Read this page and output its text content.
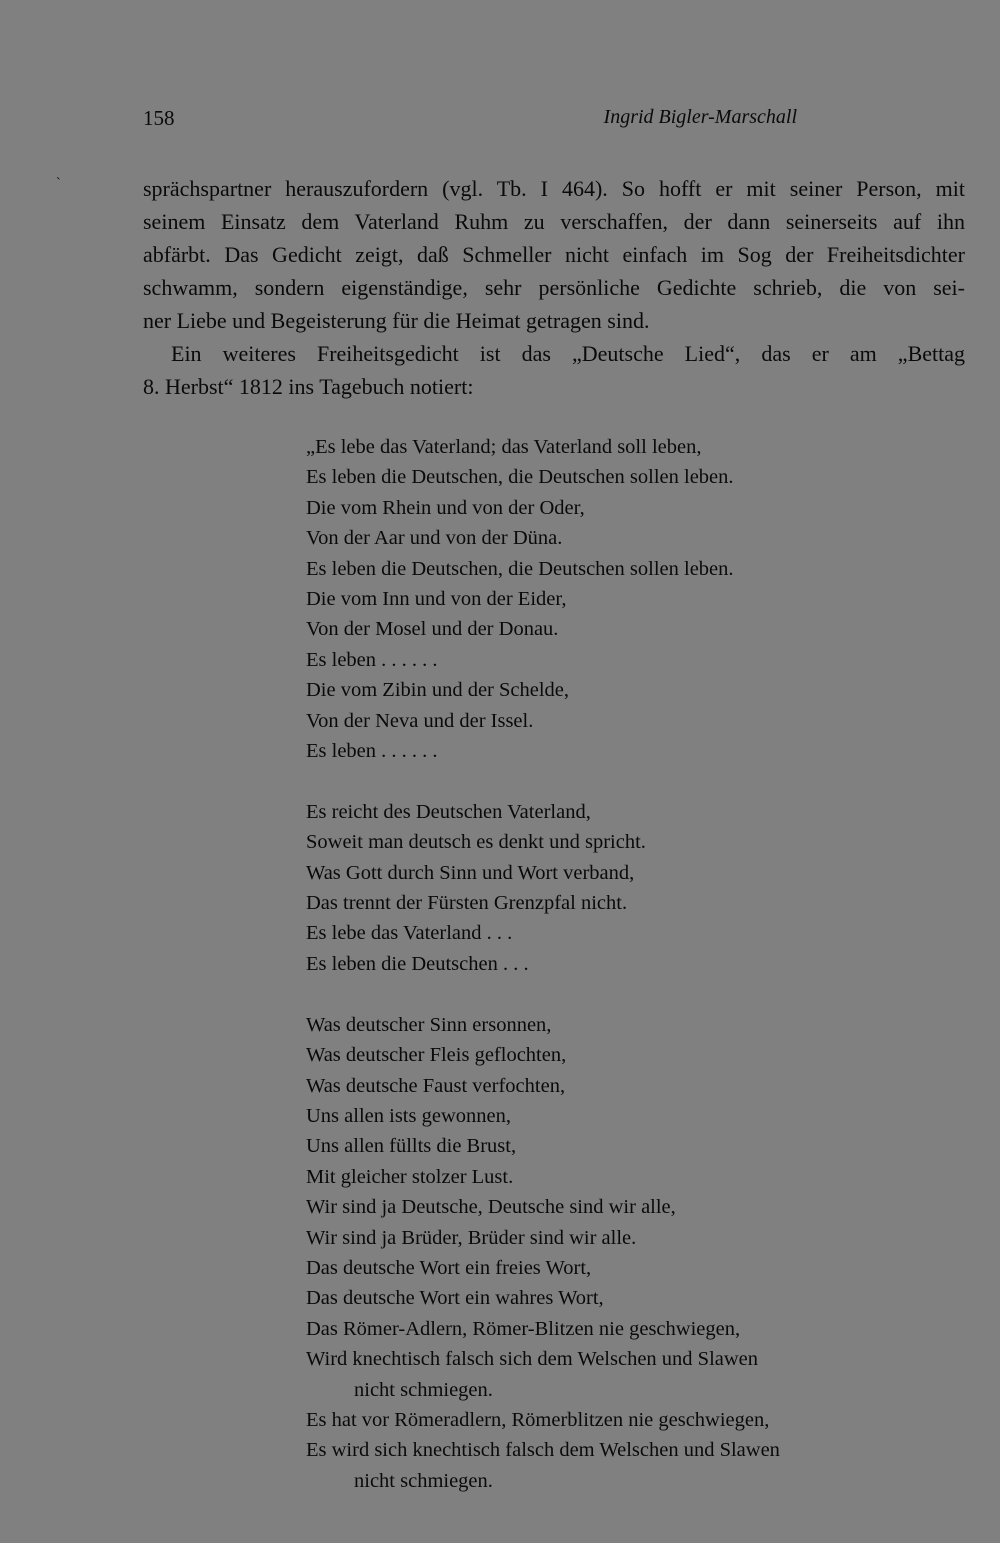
158	Ingrid Bigler-Marschall
`	sprächspartner herauszufordern (vgl. Tb. I 464). So hofft er mit seiner Person, mit
seinem Einsatz dem Vaterland Ruhm zu verschaffen, der dann seinerseits auf ihn
abfärbt. Das Gedicht zeigt, daß Schmeller nicht einfach im Sog der Freiheitsdichter
schwamm, sondern eigenständige, sehr persönliche Gedichte schrieb, die von sei-
ner Liebe und Begeisterung für die Heimat getragen sind.
Ein weiteres Freiheitsgedicht ist das „Deutsche Lied“, das er am „Bettag
8. Herbst“ 1812 ins Tagebuch notiert:
„Es lebe das Vaterland; das Vaterland soll leben,
Es leben die Deutschen, die Deutschen sollen leben.
Die vom Rhein und von der Oder,
Von der Aar und von der Düna.
Es leben die Deutschen, die Deutschen sollen leben.
Die vom Inn und von der Eider,
Von der Mosel und der Donau.
Es leben . . . . . .
Die vom Zibin und der Schelde,
Von der Neva und der Issel.
Es leben . . . . . .
Es reicht des Deutschen Vaterland,
Soweit man deutsch es denkt und spricht.
Was Gott durch Sinn und Wort verband,
Das trennt der Fürsten Grenzpfal nicht.
Es lebe das Vaterland . . .
Es leben die Deutschen . . .
Was deutscher Sinn ersonnen,
Was deutscher Fleis geflochten,
Was deutsche Faust verfochten,
Uns allen ists gewonnen,
Uns allen füllts die Brust,
Mit gleicher stolzer Lust.
Wir sind ja Deutsche, Deutsche sind wir alle,
Wir sind ja Brüder, Brüder sind wir alle.
Das deutsche Wort ein freies Wort,
Das deutsche Wort ein wahres Wort,
Das Römer-Adlern, Römer-Blitzen nie geschwiegen,
Wird knechtisch falsch sich dem Welschen und Slawen
nicht schmiegen.
Es hat vor Römeradlern, Römerblitzen nie geschwiegen,
Es wird sich knechtisch falsch dem Welschen und Slawen
nicht schmiegen.
